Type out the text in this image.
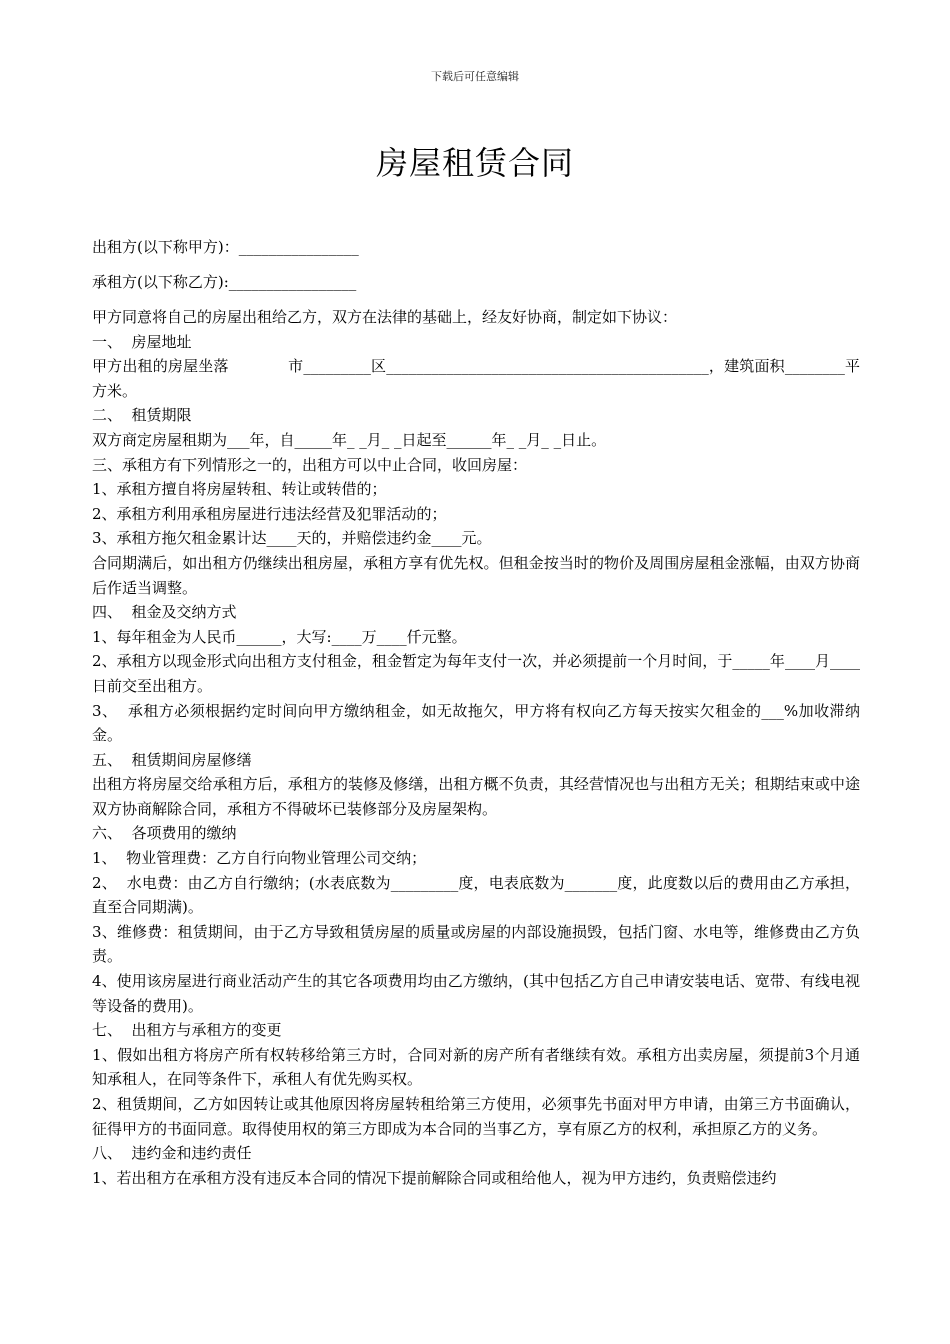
下载后可任意编辑
房屋租赁合同
出租方(以下称甲方)：________________
承租方(以下称乙方):_________________

甲方同意将自己的房屋出租给乙方，双方在法律的基础上，经友好协商，制定如下协议：

一、  房屋地址

甲方出租的房屋坐落            市_________区___________________________________________，建筑面积________平方米。

二、  租赁期限

双方商定房屋租期为___年，自_____年_ _月_ _日起至______年_ _月_ _日止。

三、承租方有下列情形之一的，出租方可以中止合同，收回房屋：

1、承租方擅自将房屋转租、转让或转借的；

2、承租方利用承租房屋进行违法经营及犯罪活动的；

3、承租方拖欠租金累计达____天的，并赔偿违约金____元。

合同期满后，如出租方仍继续出租房屋，承租方享有优先权。但租金按当时的物价及周围房屋租金涨幅，由双方协商后作适当调整。

四、  租金及交纳方式

1、每年租金为人民币______，大写:____万____仟元整。

2、承租方以现金形式向出租方支付租金，租金暂定为每年支付一次，并必须提前一个月时间，于_____年____月____日前交至出租方。

3、  承租方必须根据约定时间向甲方缴纳租金，如无故拖欠，甲方将有权向乙方每天按实欠租金的___%加收滞纳金。

五、  租赁期间房屋修缮

出租方将房屋交给承租方后，承租方的装修及修缮，出租方概不负责，其经营情况也与出租方无关；租期结束或中途双方协商解除合同，承租方不得破坏已装修部分及房屋架构。

六、  各项费用的缴纳

1、  物业管理费：乙方自行向物业管理公司交纳；

2、  水电费：由乙方自行缴纳；(水表底数为_________度，电表底数为_______度，此度数以后的费用由乙方承担，直至合同期满)。

3、维修费：租赁期间，由于乙方导致租赁房屋的质量或房屋的内部设施损毁，包括门窗、水电等，维修费由乙方负责。

4、使用该房屋进行商业活动产生的其它各项费用均由乙方缴纳，(其中包括乙方自己申请安装电话、宽带、有线电视等设备的费用)。

七、  出租方与承租方的变更

1、假如出租方将房产所有权转移给第三方时，合同对新的房产所有者继续有效。承租方出卖房屋，须提前3个月通知承租人，在同等条件下，承租人有优先购买权。

2、租赁期间，乙方如因转让或其他原因将房屋转租给第三方使用，必须事先书面对甲方申请，由第三方书面确认，征得甲方的书面同意。取得使用权的第三方即成为本合同的当事乙方，享有原乙方的权利，承担原乙方的义务。

八、  违约金和违约责任

1、若出租方在承租方没有违反本合同的情况下提前解除合同或租给他人，视为甲方违约，负责赔偿违约
